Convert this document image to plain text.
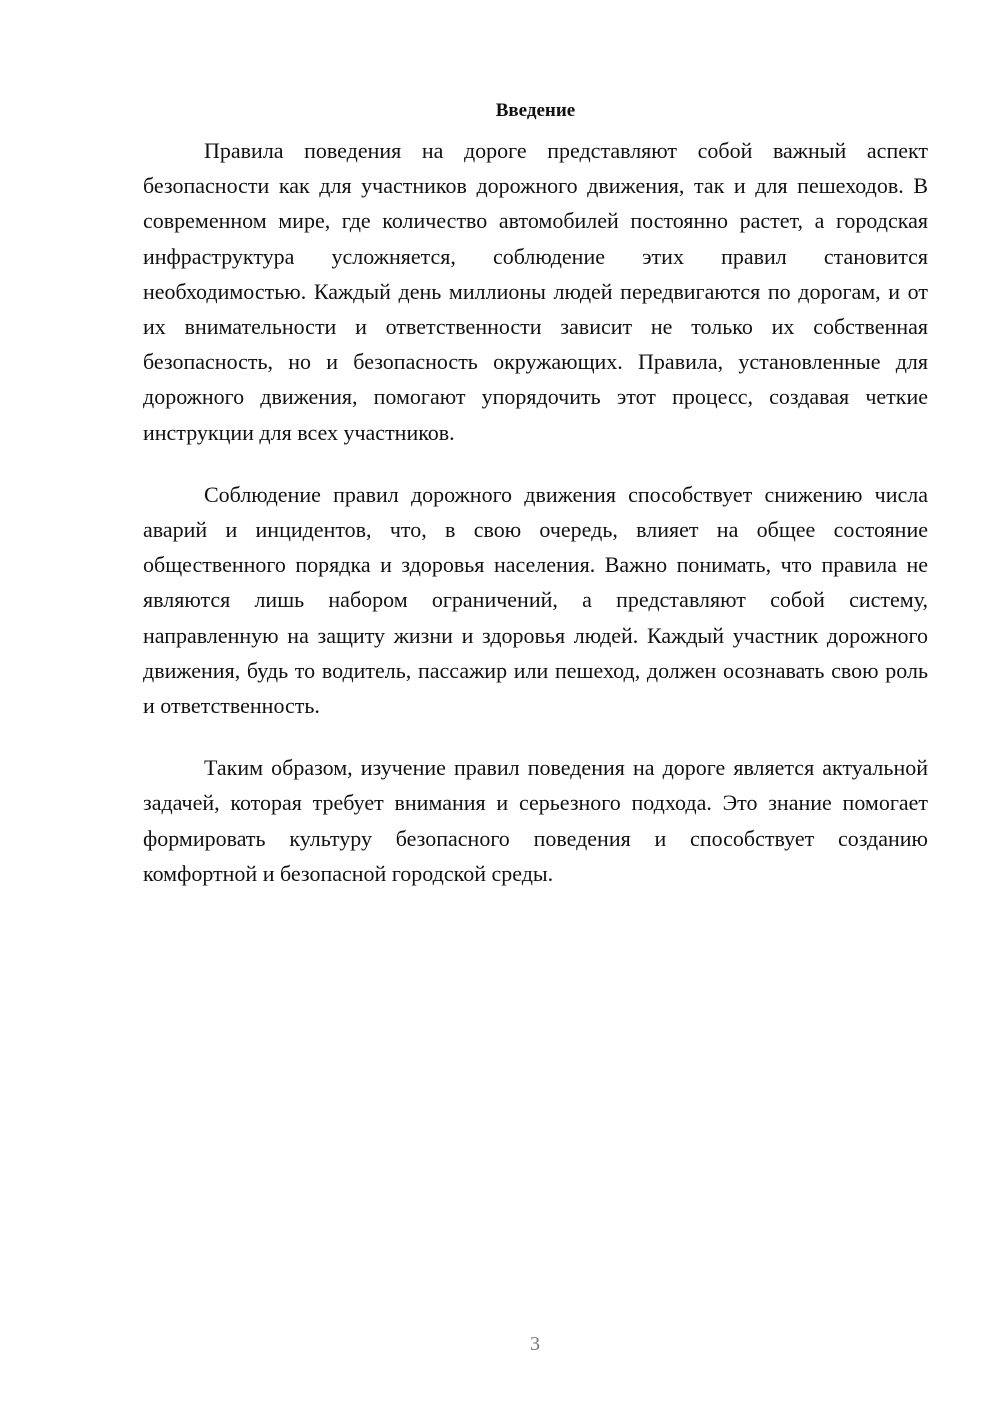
Введение

Правила поведения на дороге представляют собой важный аспект безопасности как для участников дорожного движения, так и для пешеходов. В современном мире, где количество автомобилей постоянно растет, а городская инфраструктура усложняется, соблюдение этих правил становится необходимостью. Каждый день миллионы людей передвигаются по дорогам, и от их внимательности и ответственности зависит не только их собственная безопасность, но и безопасность окружающих. Правила, установленные для дорожного движения, помогают упорядочить этот процесс, создавая четкие инструкции для всех участников.

Соблюдение правил дорожного движения способствует снижению числа аварий и инцидентов, что, в свою очередь, влияет на общее состояние общественного порядка и здоровья населения. Важно понимать, что правила не являются лишь набором ограничений, а представляют собой систему, направленную на защиту жизни и здоровья людей. Каждый участник дорожного движения, будь то водитель, пассажир или пешеход, должен осознавать свою роль и ответственность.

Таким образом, изучение правил поведения на дороге является актуальной задачей, которая требует внимания и серьезного подхода. Это знание помогает формировать культуру безопасного поведения и способствует созданию комфортной и безопасной городской среды.

3
